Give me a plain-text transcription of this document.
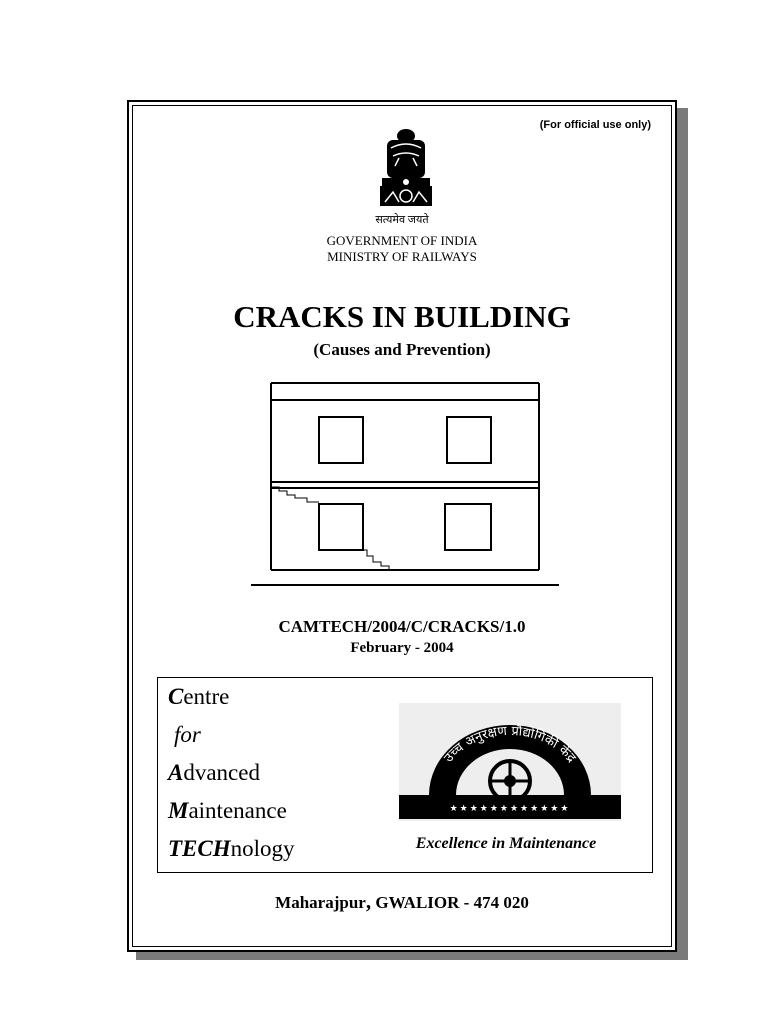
(For official use only)
सत्यमेव जयते
GOVERNMENT OF INDIA
MINISTRY OF RAILWAYS
CRACKS IN BUILDING
(Causes and Prevention)
CAMTECH/2004/C/CRACKS/1.0
February - 2004
Centre
for
Advanced
Maintenance
TECHnology
उच्च अनुरक्षण प्रौद्योगिकी केंद्र
★★★★★★★★★★★★
Excellence in Maintenance
Maharajpur, GWALIOR - 474 020
